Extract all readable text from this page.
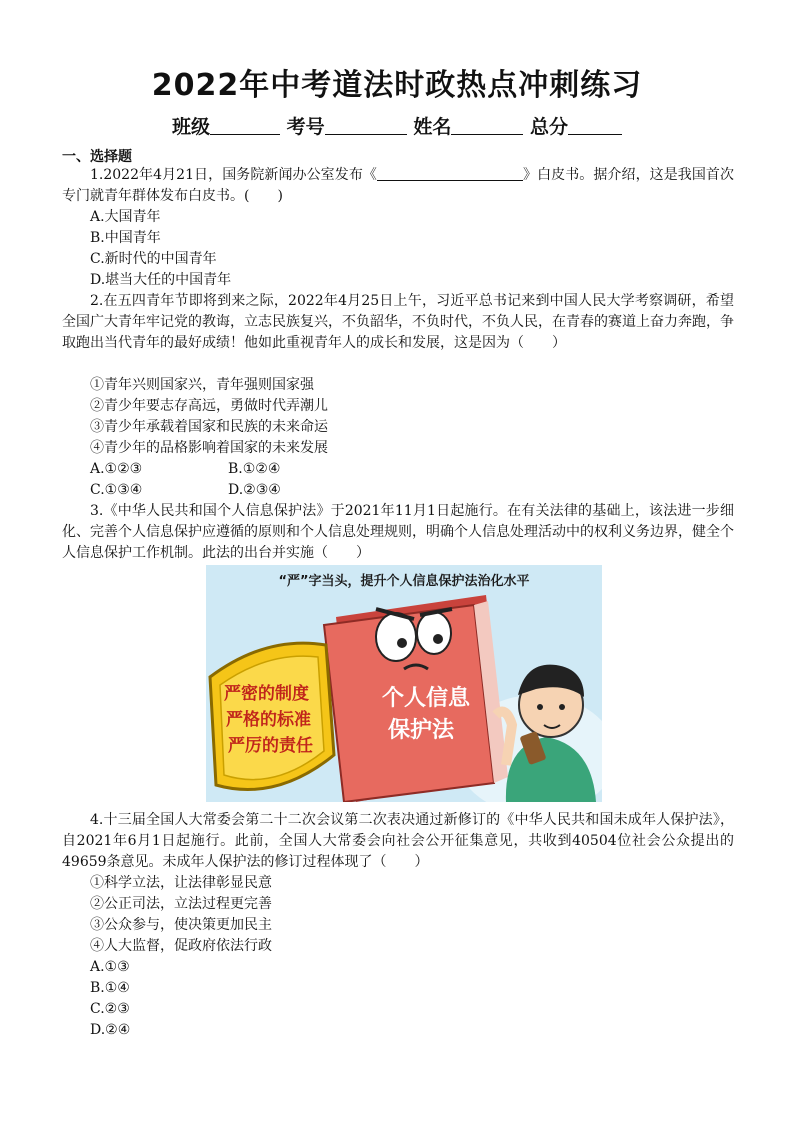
2022年中考道法时政热点冲刺练习
班级	考号	姓名	总分
一、选择题

1.2022年4月21日，国务院新闻办公室发布《	》白皮书。据介绍，这是我国首次专门就青年群体发布白皮书。(　　)

A.大国青年
B.中国青年
C.新时代的中国青年
D.堪当大任的中国青年

2.在五四青年节即将到来之际，2022年4月25日上午，习近平总书记来到中国人民大学考察调研，希望全国广大青年牢记党的教诲，立志民族复兴，不负韶华，不负时代，不负人民，在青春的赛道上奋力奔跑，争取跑出当代青年的最好成绩！他如此重视青年人的成长和发展，这是因为（　　）

①青年兴则国家兴，青年强则国家强
②青少年要志存高远，勇做时代弄潮儿
③青少年承载着国家和民族的未来命运
④青少年的品格影响着国家的未来发展
A.①②③	B.①②④
C.①③④	D.②③④

3.《中华人民共和国个人信息保护法》于2021年11月1日起施行。在有关法律的基础上，该法进一步细化、完善个人信息保护应遵循的原则和个人信息处理规则，明确个人信息处理活动中的权利义务边界，健全个人信息保护工作机制。此法的出台并实施（　　）

“严”字当头，提升个人信息保护法治化水平
个人信息
保护法
严密的制度
严格的标准
严厉的责任

4.十三届全国人大常委会第二十二次会议第二次表决通过新修订的《中华人民共和国未成年人保护法》，自2021年6月1日起施行。此前，全国人大常委会向社会公开征集意见，共收到40504位社会公众提出的49659条意见。未成年人保护法的修订过程体现了（　　）

①科学立法，让法律彰显民意
②公正司法，立法过程更完善
③公众参与，使决策更加民主
④人大监督，促政府依法行政
A.①③
B.①④
C.②③
D.②④
